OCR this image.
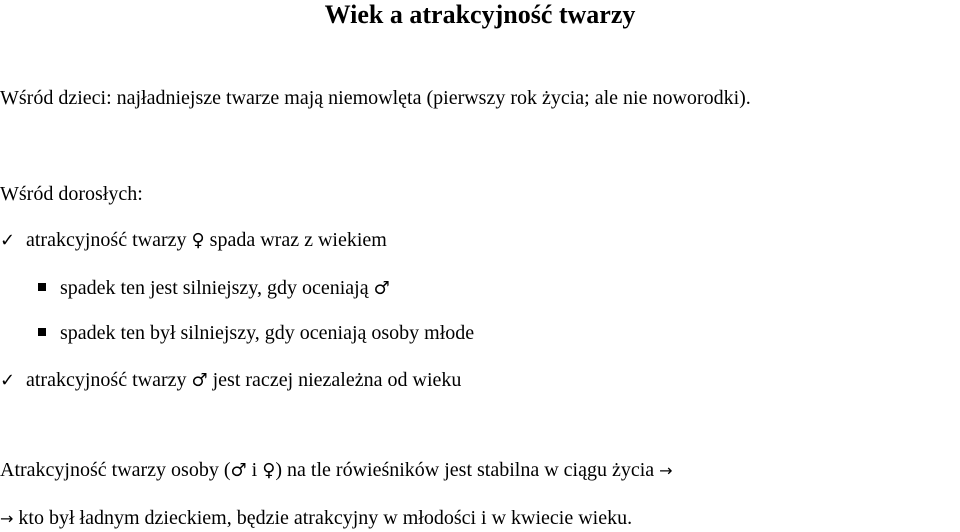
Wiek a atrakcyjność twarzy
Wśród dzieci: najładniejsze twarze mają niemowlęta (pierwszy rok życia; ale nie noworodki).
Wśród dorosłych:
✓ atrakcyjność twarzy ♀ spada wraz z wiekiem
spadek ten jest silniejszy, gdy oceniają ♂
spadek ten był silniejszy, gdy oceniają osoby młode
✓ atrakcyjność twarzy ♂ jest raczej niezależna od wieku
Atrakcyjność twarzy osoby (♂ i ♀) na tle rówieśników jest stabilna w ciągu życia →
→ kto był ładnym dzieckiem, będzie atrakcyjny w młodości i w kwiecie wieku.
